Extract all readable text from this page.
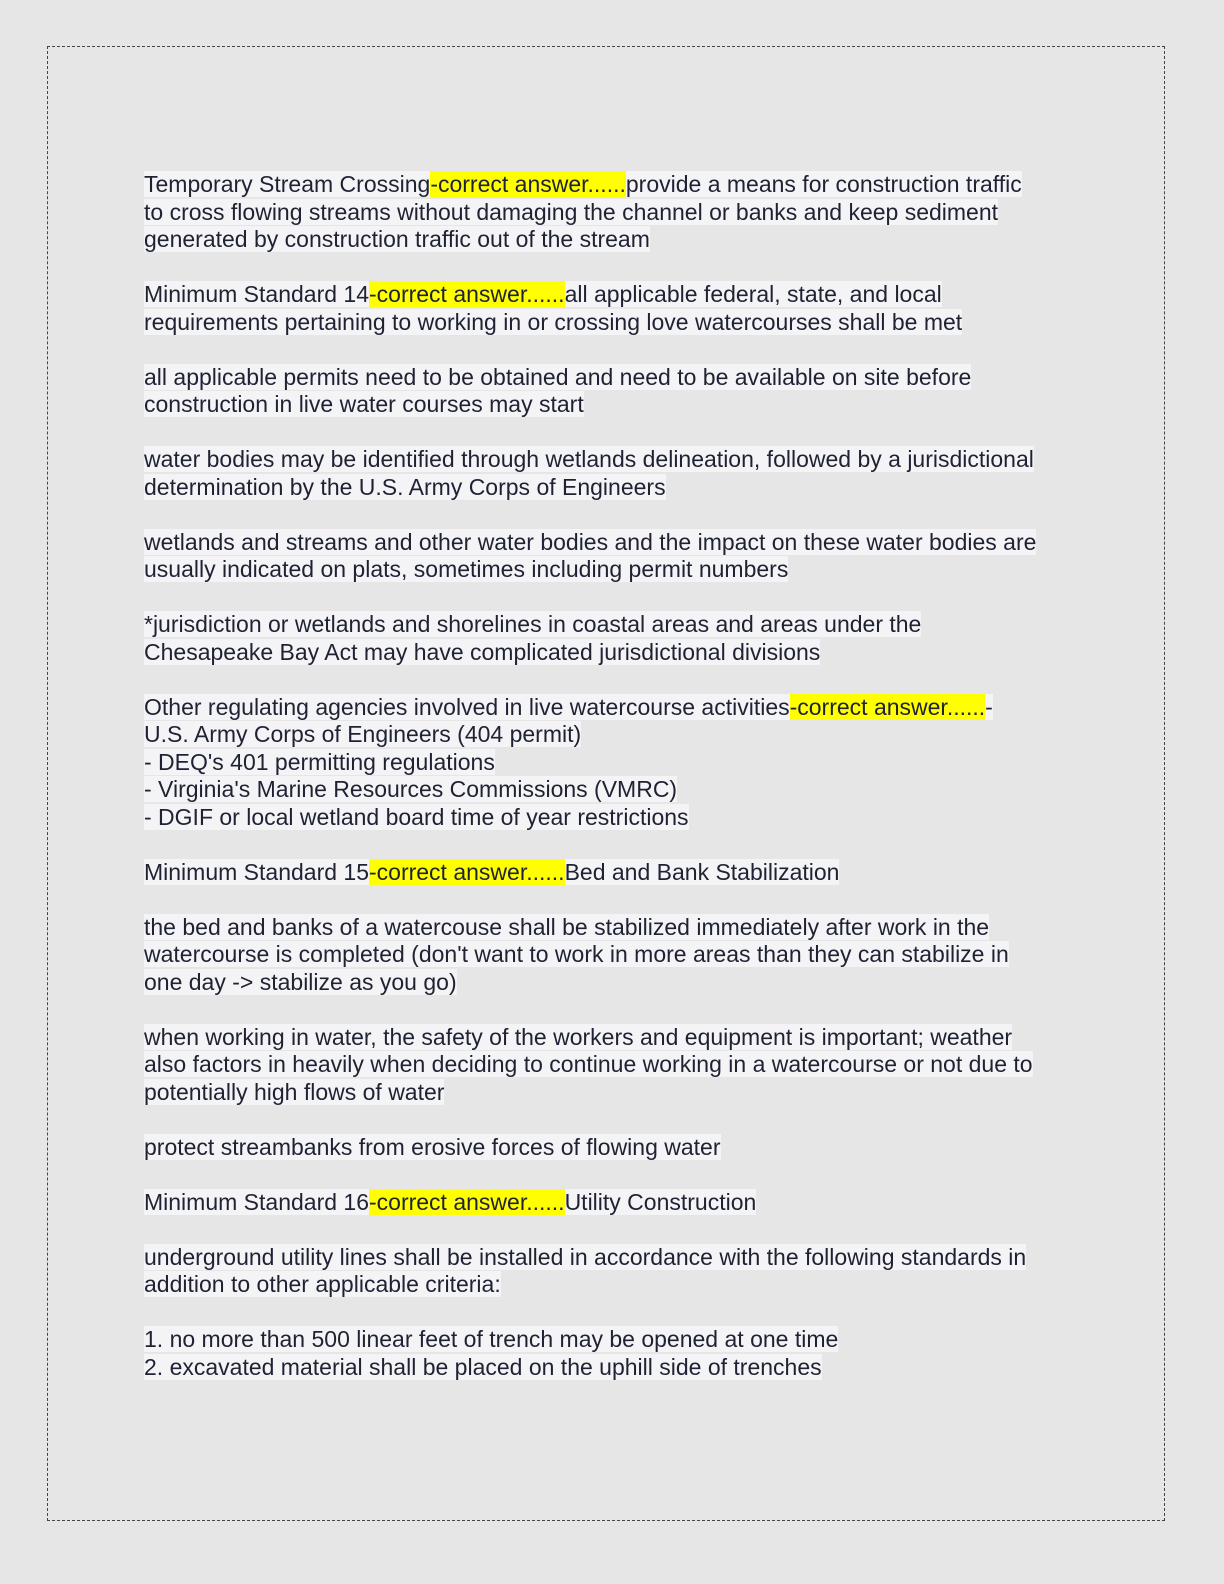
Temporary Stream Crossing-correct answer......provide a means for construction traffic
to cross flowing streams without damaging the channel or banks and keep sediment
generated by construction traffic out of the stream
Minimum Standard 14-correct answer......all applicable federal, state, and local
requirements pertaining to working in or crossing love watercourses shall be met
all applicable permits need to be obtained and need to be available on site before
construction in live water courses may start
water bodies may be identified through wetlands delineation, followed by a jurisdictional
determination by the U.S. Army Corps of Engineers
wetlands and streams and other water bodies and the impact on these water bodies are
usually indicated on plats, sometimes including permit numbers
*jurisdiction or wetlands and shorelines in coastal areas and areas under the
Chesapeake Bay Act may have complicated jurisdictional divisions
Other regulating agencies involved in live watercourse activities-correct answer......-
U.S. Army Corps of Engineers (404 permit)
- DEQ's 401 permitting regulations
- Virginia's Marine Resources Commissions (VMRC)
- DGIF or local wetland board time of year restrictions
Minimum Standard 15-correct answer......Bed and Bank Stabilization
the bed and banks of a watercouse shall be stabilized immediately after work in the
watercourse is completed (don't want to work in more areas than they can stabilize in
one day -> stabilize as you go)
when working in water, the safety of the workers and equipment is important; weather
also factors in heavily when deciding to continue working in a watercourse or not due to
potentially high flows of water
protect streambanks from erosive forces of flowing water
Minimum Standard 16-correct answer......Utility Construction
underground utility lines shall be installed in accordance with the following standards in
addition to other applicable criteria:
1. no more than 500 linear feet of trench may be opened at one time
2. excavated material shall be placed on the uphill side of trenches
